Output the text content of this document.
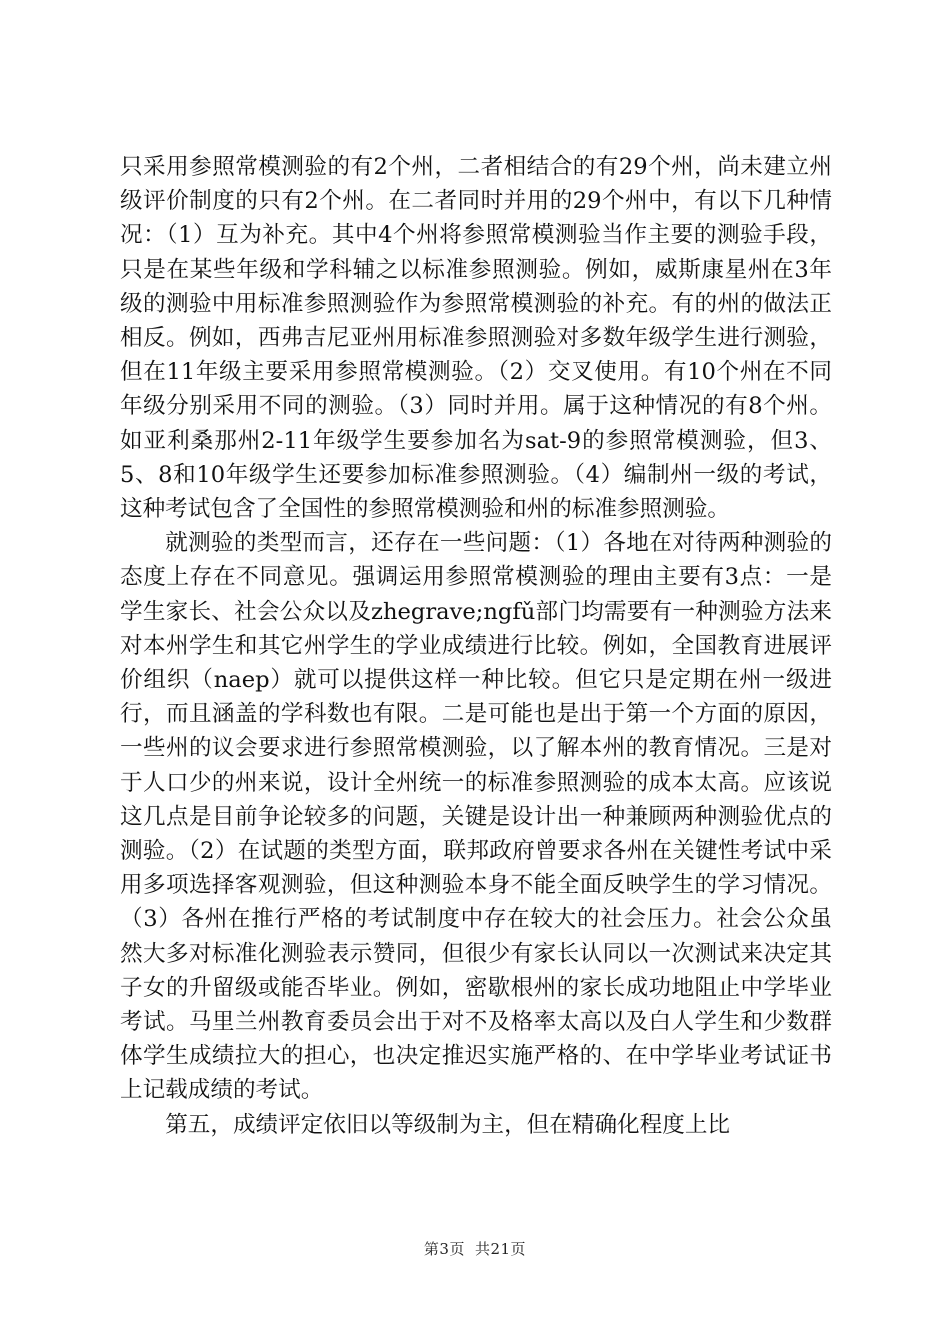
只采用参照常模测验的有2个州，二者相结合的有29个州，尚未建立州级评价制度的只有2个州。在二者同时并用的29个州中，有以下几种情况：（1）互为补充。其中4个州将参照常模测验当作主要的测验手段，只是在某些年级和学科辅之以标准参照测验。例如，威斯康星州在3年级的测验中用标准参照测验作为参照常模测验的补充。有的州的做法正相反。例如，西弗吉尼亚州用标准参照测验对多数年级学生进行测验，但在11年级主要采用参照常模测验。（2）交叉使用。有10个州在不同年级分别采用不同的测验。（3）同时并用。属于这种情况的有8个州。如亚利桑那州2-11年级学生要参加名为sat-9的参照常模测验，但3、5、8和10年级学生还要参加标准参照测验。（4）编制州一级的考试，这种考试包含了全国性的参照常模测验和州的标准参照测验。

就测验的类型而言，还存在一些问题：（1）各地在对待两种测验的态度上存在不同意见。强调运用参照常模测验的理由主要有3点：一是学生家长、社会公众以及zhegrave;ngfǔ部门均需要有一种测验方法来对本州学生和其它州学生的学业成绩进行比较。例如，全国教育进展评价组织（naep）就可以提供这样一种比较。但它只是定期在州一级进行，而且涵盖的学科数也有限。二是可能也是出于第一个方面的原因，一些州的议会要求进行参照常模测验，以了解本州的教育情况。三是对于人口少的州来说，设计全州统一的标准参照测验的成本太高。应该说这几点是目前争论较多的问题，关键是设计出一种兼顾两种测验优点的测验。（2）在试题的类型方面，联邦政府曾要求各州在关键性考试中采用多项选择客观测验，但这种测验本身不能全面反映学生的学习情况。（3）各州在推行严格的考试制度中存在较大的社会压力。社会公众虽然大多对标准化测验表示赞同，但很少有家长认同以一次测试来决定其子女的升留级或能否毕业。例如，密歇根州的家长成功地阻止中学毕业考试。马里兰州教育委员会出于对不及格率太高以及白人学生和少数群体学生成绩拉大的担心，也决定推迟实施严格的、在中学毕业考试证书上记载成绩的考试。

第五，成绩评定依旧以等级制为主，但在精确化程度上比

第3页 共21页
